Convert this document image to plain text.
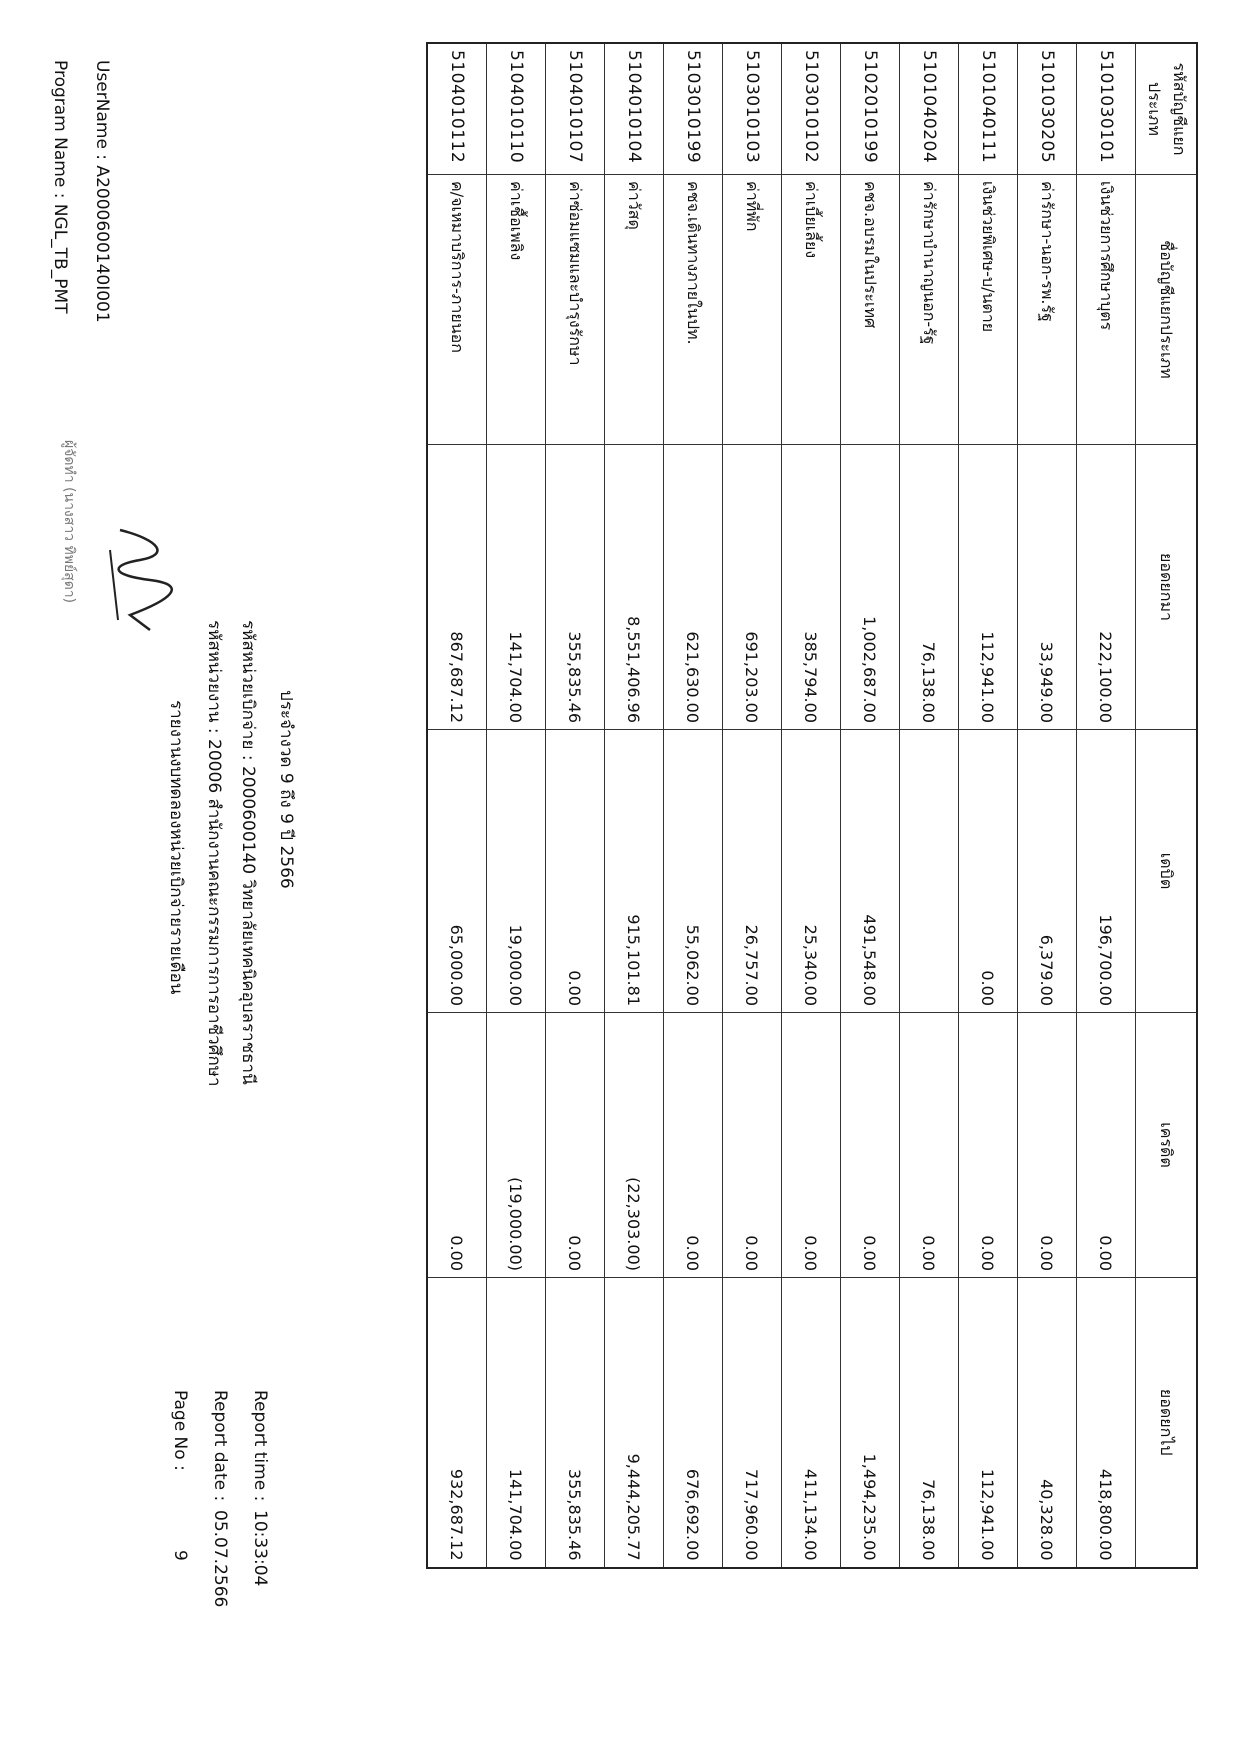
Program Name : NGL_TB_PMT UserName : A2000600140I001
รายงานงบทดลองหน่วยเบิกจ่ายรายเดือน รหัสหน่วยงาน : 20006 สำนักงานคณะกรรมการการอาชีวศึกษา รหัสหน่วยเบิกจ่าย : 2000600140 วิทยาลัยเทคนิคอุบลราชธานี ประจำงวด 9 ถึง 9 ปี 2566
Page No :
9
Report date :
05.07.2566
Report time :
10:33:04
รหัสบัญชีแยกประเภท	ชื่อบัญชีแยกประเภท	ยอดยกมา	เดบิต	เครดิต	ยอดยกไป
5101030101	เงินช่วยการศึกษาบุตร	222,100.00	196,700.00	0.00	418,800.00
5101030205	ค่ารักษา-นอก-รพ.รัฐ	33,949.00	6,379.00	0.00	40,328.00
5101040111	เงินช่วยพิเศษ-บ/นตาย	112,941.00	0.00	0.00	112,941.00
5101040204	ค่ารักษาบำนาญนอก-รัฐ	76,138.00		0.00	76,138.00
5102010199	คชจ.อบรมในประเทศ	1,002,687.00	491,548.00	0.00	1,494,235.00
5103010102	ค่าเบี้ยเลี้ยง	385,794.00	25,340.00	0.00	411,134.00
5103010103	ค่าที่พัก	691,203.00	26,757.00	0.00	717,960.00
5103010199	คชจ.เดินทางภายในปท.	621,630.00	55,062.00	0.00	676,692.00
5104010104	ค่าวัสดุ	8,551,406.96	915,101.81	(22,303.00)	9,444,205.77
5104010107	ค่าซ่อมแซมและบำรุงรักษา	355,835.46	0.00	0.00	355,835.46
5104010110	ค่าเชื้อเพลิง	141,704.00	19,000.00	(19,000.00)	141,704.00
5104010112	ค/จเหมาบริการ-ภายนอก	867,687.12	65,000.00	0.00	932,687.12
ผู้จัดทำ (นางสาว ทิพย์สุดา)
